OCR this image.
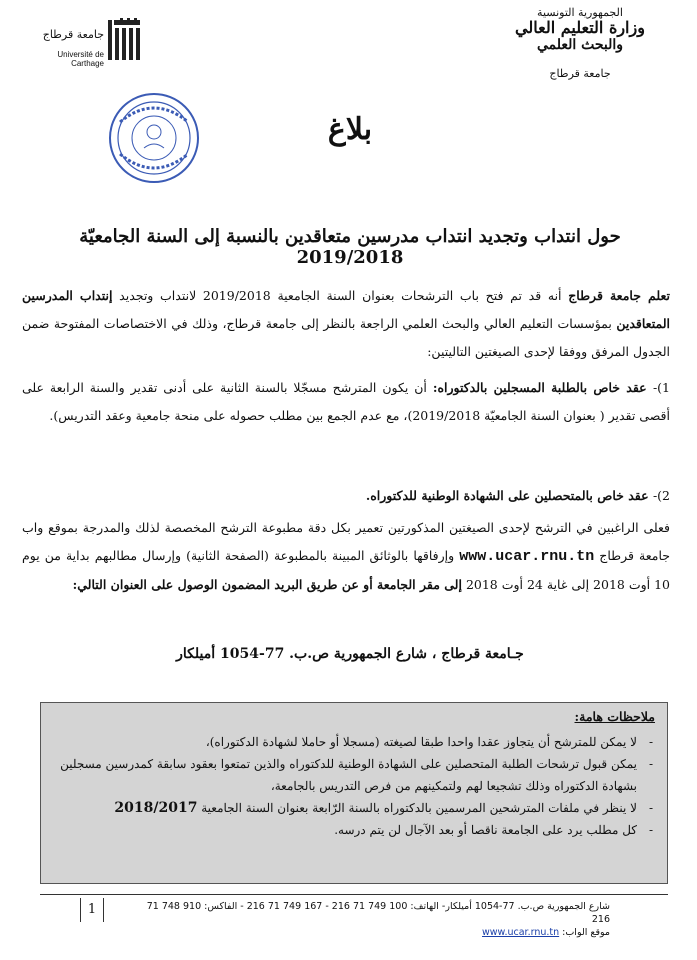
الجمهورية التونسية
وزارة التعليم العالي
والبحث العلمي
جامعة قرطاج
جامعة قرطاج
Université de Carthage
بلاغ
حول انتداب وتجديد انتداب مدرسين متعاقدين بالنسبة إلى السنة الجامعيّة 2019/2018
تعلم جامعة قرطاج أنه قد تم فتح باب الترشحات بعنوان السنة الجامعية 2019/2018 لانتداب وتجديد إنتداب المدرسين المتعاقدين بمؤسسات التعليم العالي والبحث العلمي الراجعة بالنظر إلى جامعة قرطاج، وذلك في الاختصاصات المفتوحة ضمن الجدول المرفق ووفقا لإحدى الصيغتين التاليتين:
1)- عقد خاص بالطلبة المسجلين بالدكتوراه: أن يكون المترشح مسجّلا بالسنة الثانية على أدنى تقدير والسنة الرابعة على أقصى تقدير ( بعنوان السنة الجامعيّة 2019/2018)، مع عدم الجمع بين مطلب حصوله على منحة جامعية وعقد التدريس).
2)- عقد خاص بالمتحصلين على الشهادة الوطنية للدكتوراه.
فعلى الراغبين في الترشح لإحدى الصيغتين المذكورتين تعمير بكل دقة مطبوعة الترشح المخصصة لذلك والمدرجة بموقع واب جامعة قرطاج www.ucar.rnu.tn وإرفاقها بالوثائق المبينة بالمطبوعة (الصفحة الثانية) وإرسال مطالبهم بداية من يوم 10 أوت 2018 إلى غاية 24 أوت 2018 إلى مقر الجامعة أو عن طريق البريد المضمون الوصول على العنوان التالي:
جـامعة قرطاج ، شارع الجمهورية ص.ب. 77-1054 أميلكار
ملاحظات هامة:
- لا يمكن للمترشح أن يتجاوز عقدا واحدا طبقا لصيغته (مسجلا أو حاملا لشهادة الدكتوراه)،
- يمكن قبول ترشحات الطلبة المتحصلين على الشهادة الوطنية للدكتوراه والذين تمتعوا بعقود سابقة كمدرسين مسجلين بشهادة الدكتوراه وذلك تشجيعا لهم ولتمكينهم من فرص التدريس بالجامعة،
- لا ينظر في ملفات المترشحين المرسمين بالدكتوراه بالسنة الرّابعة بعنوان السنة الجامعية 2018/2017
- كل مطلب يرد على الجامعة ناقصا أو بعد الآجال لن يتم درسه.
1	شارع الجمهورية ص.ب. 77-1054 أميلكار- الهاتف: 100 749 71 216 - 167 749 71 216 - الفاكس: 910 748 71 216
موقع الواب: www.ucar.rnu.tn
